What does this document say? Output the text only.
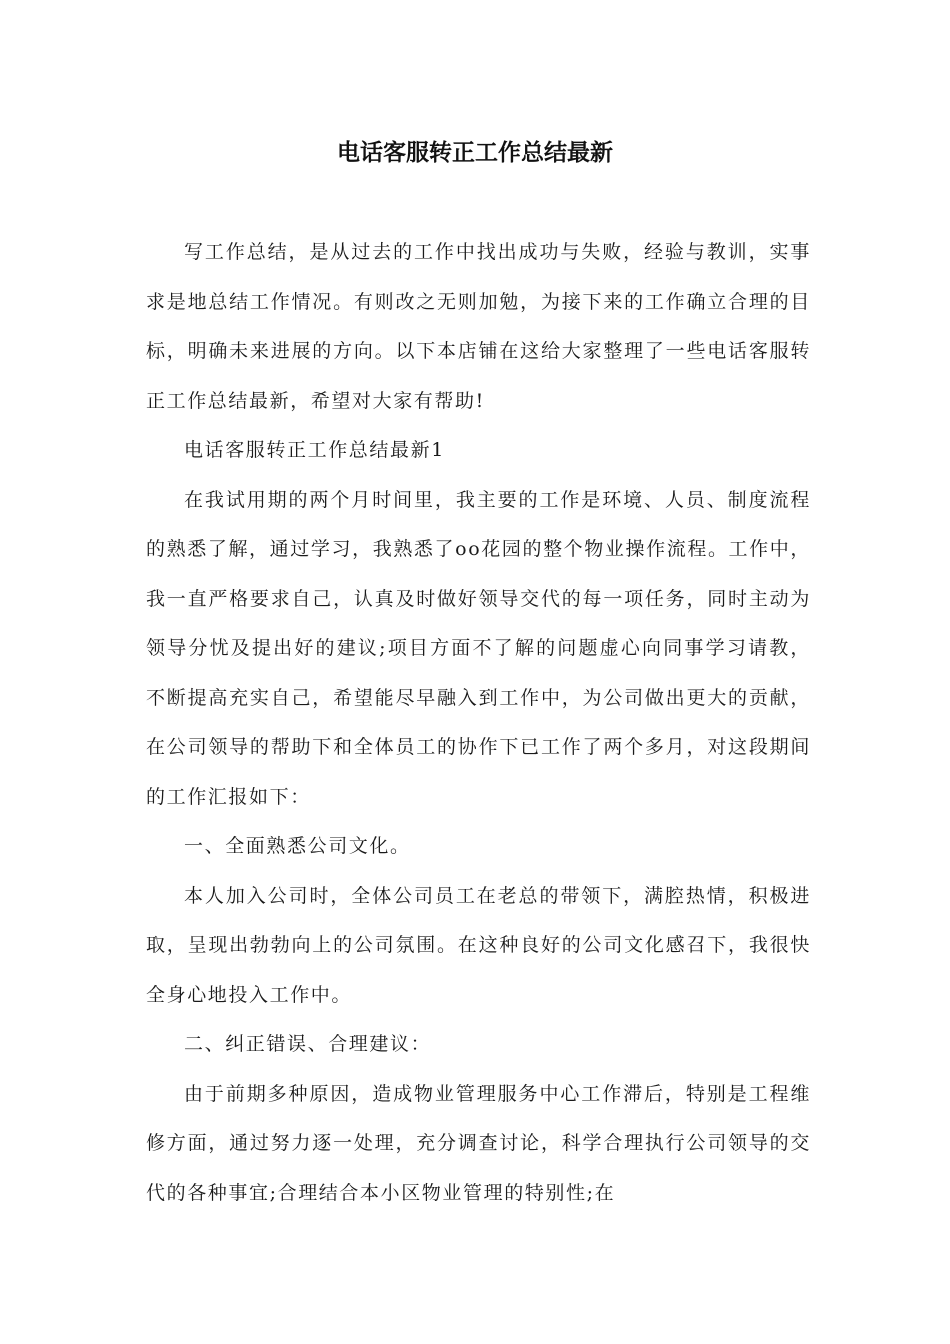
电话客服转正工作总结最新

写工作总结，是从过去的工作中找出成功与失败，经验与教训，实事求是地总结工作情况。有则改之无则加勉，为接下来的工作确立合理的目标，明确未来进展的方向。以下本店铺在这给大家整理了一些电话客服转正工作总结最新，希望对大家有帮助!

电话客服转正工作总结最新1

在我试用期的两个月时间里，我主要的工作是环境、人员、制度流程的熟悉了解，通过学习，我熟悉了oo花园的整个物业操作流程。工作中，我一直严格要求自己，认真及时做好领导交代的每一项任务，同时主动为领导分忧及提出好的建议;项目方面不了解的问题虚心向同事学习请教，不断提高充实自己，希望能尽早融入到工作中，为公司做出更大的贡献，在公司领导的帮助下和全体员工的协作下已工作了两个多月，对这段期间的工作汇报如下：

一、全面熟悉公司文化。

本人加入公司时，全体公司员工在老总的带领下，满腔热情，积极进取，呈现出勃勃向上的公司氛围。在这种良好的公司文化感召下，我很快全身心地投入工作中。

二、纠正错误、合理建议：

由于前期多种原因，造成物业管理服务中心工作滞后，特别是工程维修方面，通过努力逐一处理，充分调查讨论，科学合理执行公司领导的交代的各种事宜;合理结合本小区物业管理的特别性;在
